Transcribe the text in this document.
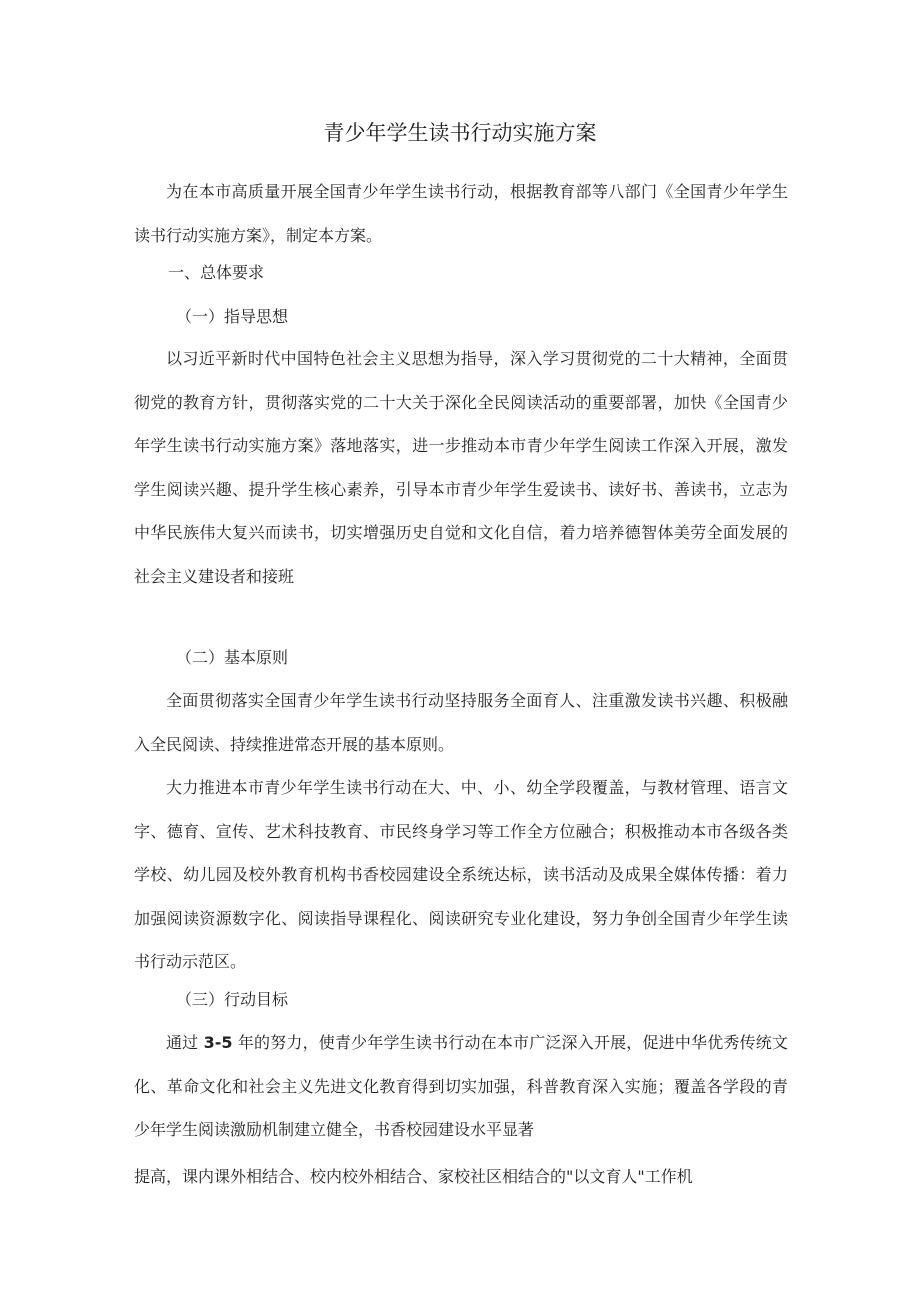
青少年学生读书行动实施方案

为在本市高质量开展全国青少年学生读书行动，根据教育部等八部门《全国青少年学生读书行动实施方案》，制定本方案。

一、总体要求

（一）指导思想

以习近平新时代中国特色社会主义思想为指导，深入学习贯彻党的二十大精神，全面贯彻党的教育方针，贯彻落实党的二十大关于深化全民阅读活动的重要部署，加快《全国青少年学生读书行动实施方案》落地落实，进一步推动本市青少年学生阅读工作深入开展，激发学生阅读兴趣、提升学生核心素养，引导本市青少年学生爱读书、读好书、善读书，立志为中华民族伟大复兴而读书，切实增强历史自觉和文化自信，着力培养德智体美劳全面发展的社会主义建设者和接班

（二）基本原则

全面贯彻落实全国青少年学生读书行动坚持服务全面育人、注重激发读书兴趣、积极融入全民阅读、持续推进常态开展的基本原则。

大力推进本市青少年学生读书行动在大、中、小、幼全学段覆盖，与教材管理、语言文字、德育、宣传、艺术科技教育、市民终身学习等工作全方位融合；积极推动本市各级各类学校、幼儿园及校外教育机构书香校园建设全系统达标，读书活动及成果全媒体传播：着力加强阅读资源数字化、阅读指导课程化、阅读研究专业化建设，努力争创全国青少年学生读书行动示范区。

（三）行动目标

通过 3-5 年的努力，使青少年学生读书行动在本市广泛深入开展，促进中华优秀传统文化、革命文化和社会主义先进文化教育得到切实加强，科普教育深入实施；覆盖各学段的青少年学生阅读激励机制建立健全，书香校园建设水平显著

提高，课内课外相结合、校内校外相结合、家校社区相结合的"以文育人"工作机
